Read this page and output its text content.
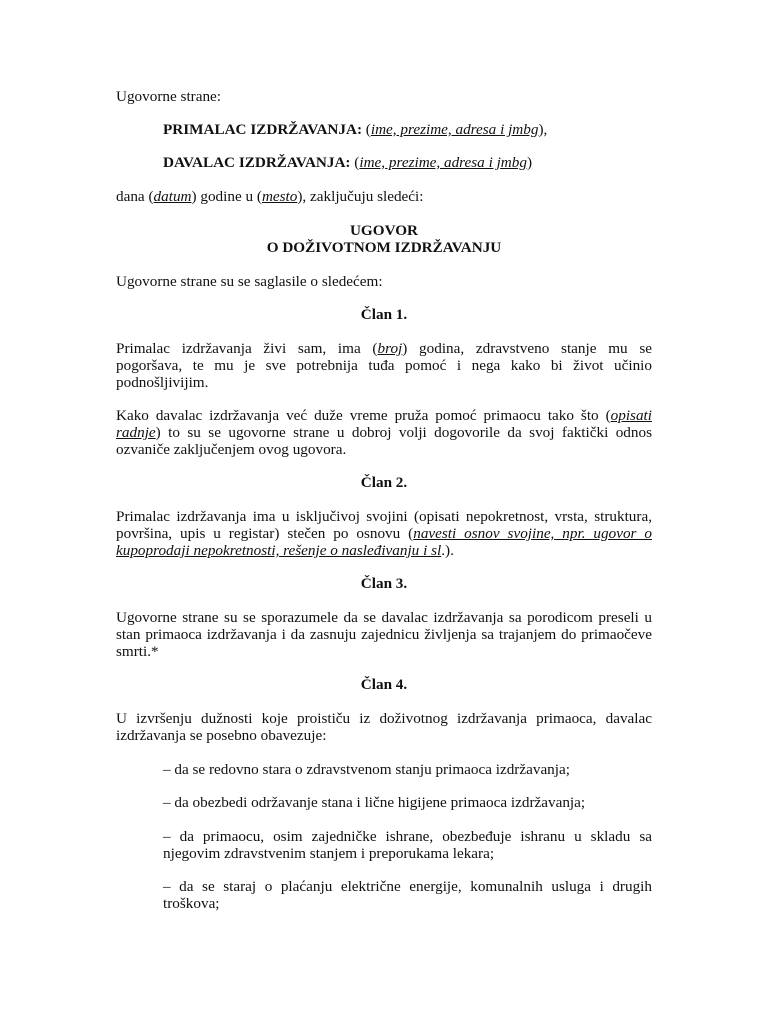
Ugovorne strane:

PRIMALAC IZDRŽAVANJA: (ime, prezime, adresa i jmbg),

DAVALAC IZDRŽAVANJA: (ime, prezime, adresa i jmbg)

dana (datum) godine u (mesto), zaključuju sledeći:

UGOVOR
O DOŽIVOTNOM IZDRŽAVANJU

Ugovorne strane su se saglasile o sledećem:

Član 1.

Primalac izdržavanja živi sam, ima (broj) godina, zdravstveno stanje mu se
pogoršava, te mu je sve potrebnija tuđa pomoć i nega kako bi život učinio
podnošljivijim.

Kako davalac izdržavanja već duže vreme pruža pomoć primaocu tako što (opisati
radnje) to su se ugovorne strane u dobroj volji dogovorile da svoj faktički odnos
ozvaniče zaključenjem ovog ugovora.

Član 2.

Primalac izdržavanja ima u isključivoj svojini (opisati nepokretnost, vrsta, struktura,
površina, upis u registar) stečen po osnovu (navesti osnov svojine, npr. ugovor o
kupoprodaji nepokretnosti, rešenje o nasleđivanju i sl.).

Član 3.

Ugovorne strane su se sporazumele da se davalac izdržavanja sa porodicom preseli u
stan primaoca izdržavanja i da zasnuju zajednicu življenja sa trajanjem do primaočeve
smrti.*

Član 4.

U izvršenju dužnosti koje proističu iz doživotnog izdržavanja primaoca, davalac
izdržavanja se posebno obavezuje:

– da se redovno stara o zdravstvenom stanju primaoca izdržavanja;

– da obezbedi održavanje stana i lične higijene primaoca izdržavanja;

– da primaocu, osim zajedničke ishrane, obezbeđuje ishranu u skladu sa
njegovim zdravstvenim stanjem i preporukama lekara;

– da se staraj o plaćanju električne energije, komunalnih usluga i drugih
troškova;
